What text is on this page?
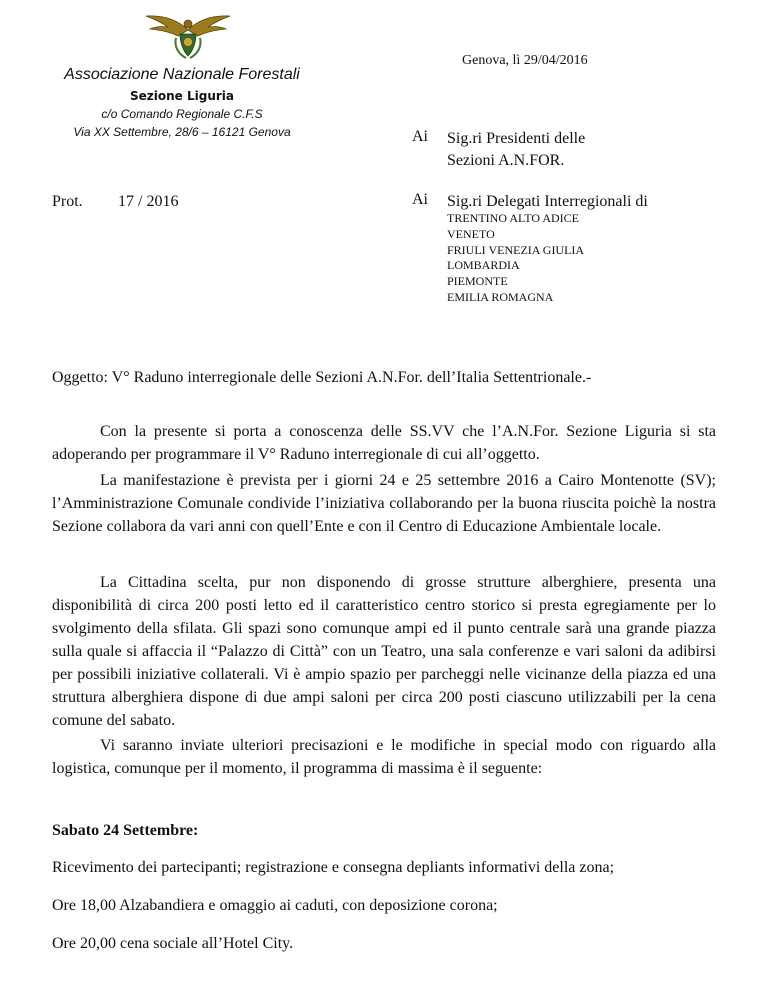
Associazione Nazionale Forestali
Sezione Liguria
c/o Comando Regionale C.F.S
Via XX Settembre, 28/6 – 16121 Genova
Genova, lì 29/04/2016
Ai Sig.ri Presidenti delle
Sezioni A.N.FOR.
Prot. 17 / 2016	Ai Sig.ri Delegati Interregionali di
TRENTINO ALTO ADICE
VENETO
FRIULI VENEZIA GIULIA
LOMBARDIA
PIEMONTE
EMILIA ROMAGNA
Oggetto: V° Raduno interregionale delle Sezioni A.N.For. dell’Italia Settentrionale.-

Con la presente si porta a conoscenza delle SS.VV che l’A.N.For. Sezione Liguria si sta adoperando per programmare il V° Raduno interregionale di cui all’oggetto.

La manifestazione è prevista per i giorni 24 e 25 settembre 2016 a Cairo Montenotte (SV); l’Amministrazione Comunale condivide l’iniziativa collaborando per la buona riuscita poichè la nostra Sezione collabora da vari anni con quell’Ente e con il Centro di Educazione Ambientale locale.

La Cittadina scelta, pur non disponendo di grosse strutture alberghiere, presenta una disponibilità di circa 200 posti letto ed il caratteristico centro storico si presta egregiamente per lo svolgimento della sfilata. Gli spazi sono comunque ampi ed il punto centrale sarà una grande piazza sulla quale si affaccia il “Palazzo di Città” con un Teatro, una sala conferenze e vari saloni da adibirsi per possibili iniziative collaterali. Vi è ampio spazio per parcheggi nelle vicinanze della piazza ed una struttura alberghiera dispone di due ampi saloni per circa 200 posti ciascuno utilizzabili per la cena comune del sabato.

Vi saranno inviate ulteriori precisazioni e le modifiche in special modo con riguardo alla logistica, comunque per il momento, il programma di massima è il seguente:

Sabato 24 Settembre:
Ricevimento dei partecipanti; registrazione e consegna depliants informativi della zona;
Ore 18,00 Alzabandiera e omaggio ai caduti, con deposizione corona;
Ore 20,00 cena sociale all’Hotel City.
